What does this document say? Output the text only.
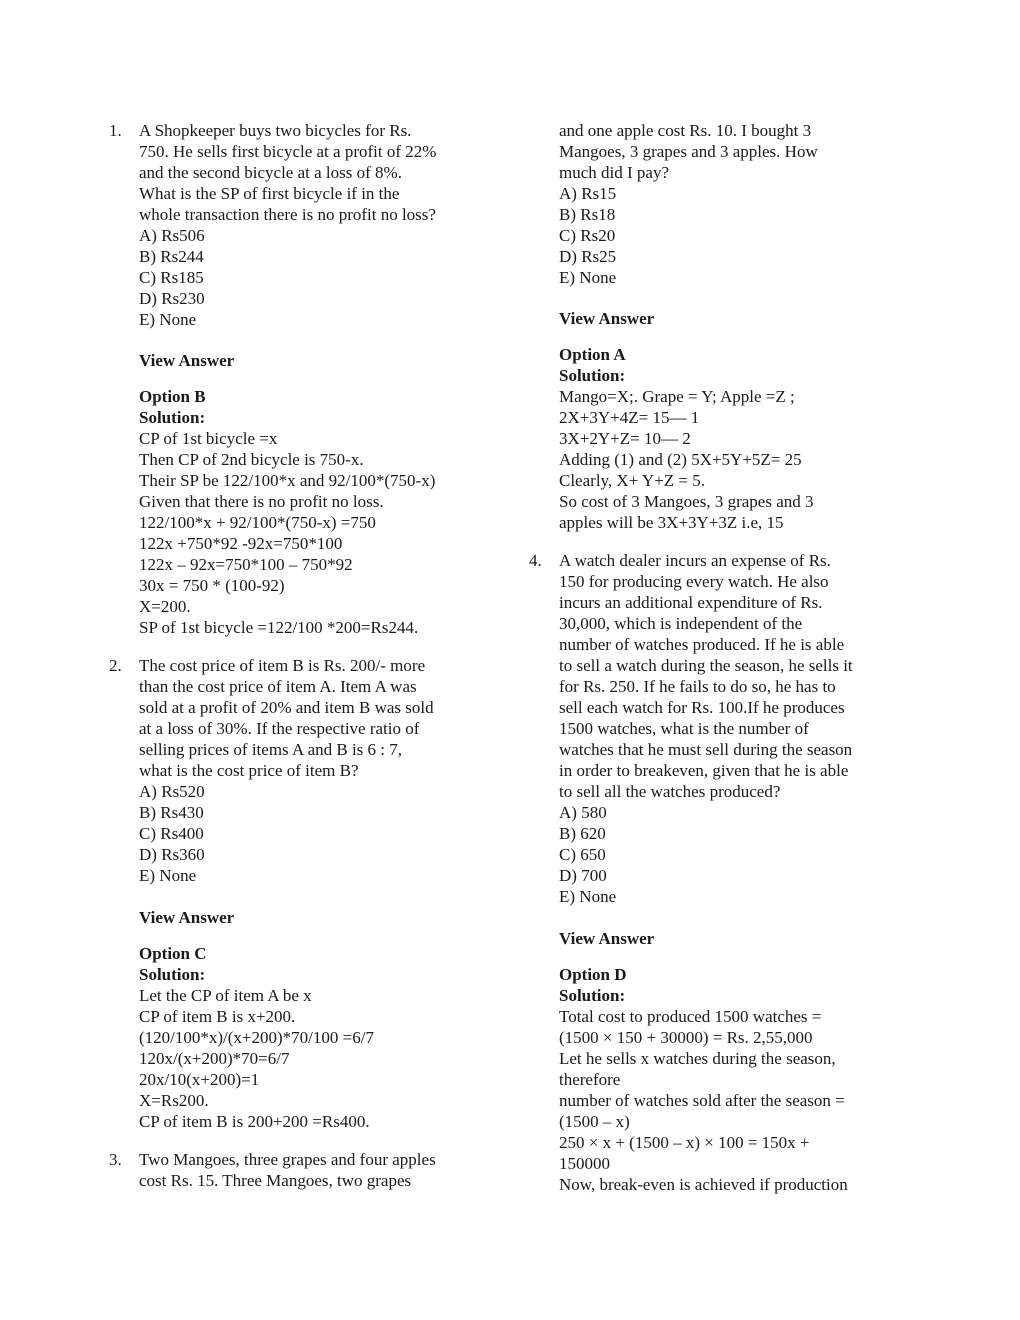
1. A Shopkeeper buys two bicycles for Rs.
750. He sells first bicycle at a profit of 22%
and the second bicycle at a loss of 8%.
What is the SP of first bicycle if in the
whole transaction there is no profit no loss?
A) Rs506
B) Rs244
C) Rs185
D) Rs230
E) None
View Answer
Option B
Solution:
CP of 1st bicycle =x
Then CP of 2nd bicycle is 750-x.
Their SP be 122/100*x and 92/100*(750-x)
Given that there is no profit no loss.
122/100*x + 92/100*(750-x) =750
122x +750*92 -92x=750*100
122x – 92x=750*100 – 750*92
30x = 750 * (100-92)
X=200.
SP of 1st bicycle =122/100 *200=Rs244.
2. The cost price of item B is Rs. 200/- more
than the cost price of item A. Item A was
sold at a profit of 20% and item B was sold
at a loss of 30%. If the respective ratio of
selling prices of items A and B is 6 : 7,
what is the cost price of item B?
A) Rs520
B) Rs430
C) Rs400
D) Rs360
E) None
View Answer
Option C
Solution:
Let the CP of item A be x
CP of item B is x+200.
(120/100*x)/(x+200)*70/100 =6/7
120x/(x+200)*70=6/7
20x/10(x+200)=1
X=Rs200.
CP of item B is 200+200 =Rs400.
3. Two Mangoes, three grapes and four apples
cost Rs. 15. Three Mangoes, two grapes
and one apple cost Rs. 10. I bought 3
Mangoes, 3 grapes and 3 apples. How
much did I pay?
A) Rs15
B) Rs18
C) Rs20
D) Rs25
E) None
View Answer
Option A
Solution:
Mango=X;. Grape = Y; Apple =Z ;
2X+3Y+4Z= 15— 1
3X+2Y+Z= 10— 2
Adding (1) and (2) 5X+5Y+5Z= 25
Clearly, X+ Y+Z = 5.
So cost of 3 Mangoes, 3 grapes and 3
apples will be 3X+3Y+3Z i.e, 15
4. A watch dealer incurs an expense of Rs.
150 for producing every watch. He also
incurs an additional expenditure of Rs.
30,000, which is independent of the
number of watches produced. If he is able
to sell a watch during the season, he sells it
for Rs. 250. If he fails to do so, he has to
sell each watch for Rs. 100.If he produces
1500 watches, what is the number of
watches that he must sell during the season
in order to breakeven, given that he is able
to sell all the watches produced?
A) 580
B) 620
C) 650
D) 700
E) None
View Answer
Option D
Solution:
Total cost to produced 1500 watches =
(1500 × 150 + 30000) = Rs. 2,55,000
Let he sells x watches during the season,
therefore
number of watches sold after the season =
(1500 – x)
250 × x + (1500 – x) × 100 = 150x +
150000
Now, break-even is achieved if production
